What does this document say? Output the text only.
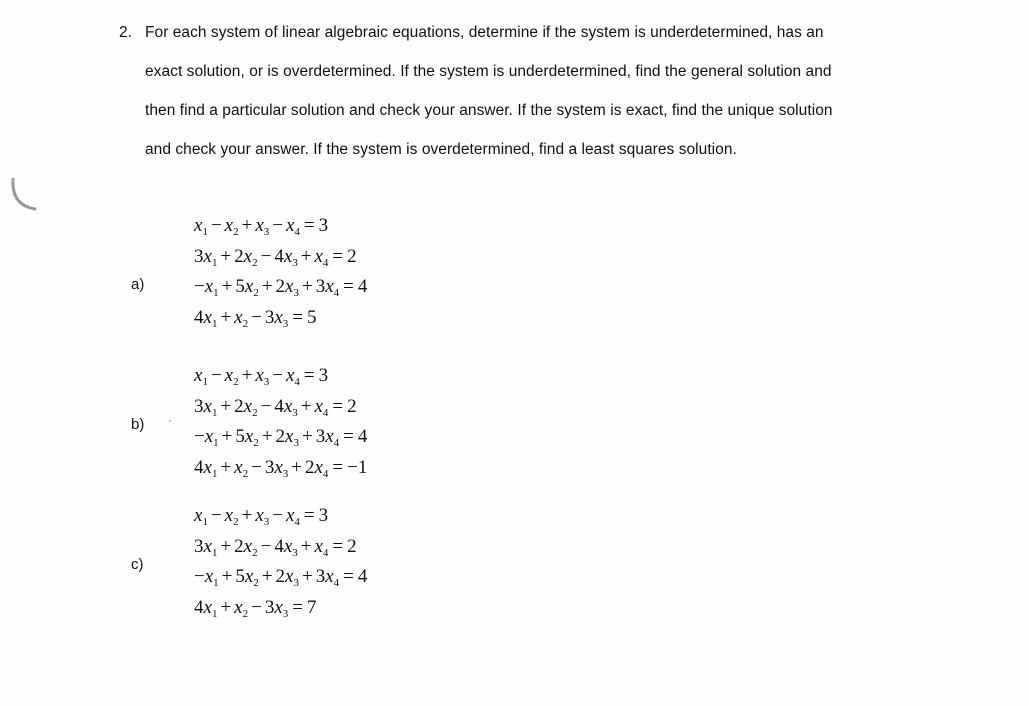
2. For each system of linear algebraic equations, determine if the system is underdetermined, has an
exact solution, or is overdetermined. If the system is underdetermined, find the general solution and
then find a particular solution and check your answer. If the system is exact, find the unique solution
and check your answer. If the system is overdetermined, find a least squares solution.
a)
b)
c)
$x_1 - x_2 + x_3 - x_4 = 3$
$3x_1 + 2x_2 - 4x_3 + x_4 = 2$
$-x_1 + 5x_2 + 2x_3 + 3x_4 = 4$
$4x_1 + x_2 - 3x_3 = 5$
$x_1 - x_2 + x_3 - x_4 = 3$
$3x_1 + 2x_2 - 4x_3 + x_4 = 2$
$-x_1 + 5x_2 + 2x_3 + 3x_4 = 4$
$4x_1 + x_2 - 3x_3 + 2x_4 = -1$
$x_1 - x_2 + x_3 - x_4 = 3$
$3x_1 + 2x_2 - 4x_3 + x_4 = 2$
$-x_1 + 5x_2 + 2x_3 + 3x_4 = 4$
$4x_1 + x_2 - 3x_3 = 7$
